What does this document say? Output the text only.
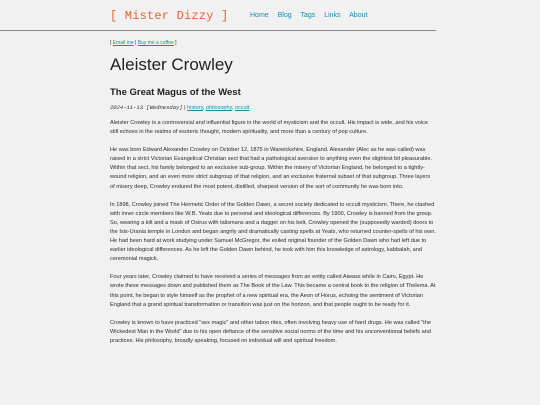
[ Mister Dizzy ]	Home Blog Tags Links About
[ Email me | Buy me a coffee ]
Aleister Crowley
The Great Magus of the West
2024-11-13 [Wednesday] | history, philosophy, occult

Aleister Crowley is a controversial and influential figure in the world of mysticism and the occult. His impact is wide, and his voice still echoes in the realms of esoteric thought, modern spirituality, and more than a century of pop culture.

He was born Edward Alexander Crowley on October 12, 1875 in Warwickshire, England. Alexander (Alec as he was called) was raised in a strict Victorian Evangelical Christian sect that had a pathological aversion to anything even the slightest bit pleasurable. Within that sect, his family belonged to an exclusive sub-group. Within the misery of Victorian England, he belonged to a tightly-wound religion, and an even more strict subgroup of that religion, and an exclusive fraternal subset of that subgroup. Three layers of misery deep, Crowley endured the most potent, distilled, sharpest version of the sort of community he was born into.

In 1898, Crowley joined The Hermetic Order of the Golden Dawn, a secret society dedicated to occult mysticism. There, he clashed with inner-circle members like W.B. Yeats due to personal and ideological differences. By 1900, Crowley is banned from the group. So, wearing a kilt and a mask of Osirus with talismans and a dagger on his belt, Crowley opened the (supposedly warded) doors to the Isis-Urania temple in London and began angrily and dramatically casting spells at Yeats, who returned counter-spells of his own. He had been hard at work studying under Samuel McGregor, the exiled original founder of the Golden Dawn who had left due to earlier ideological differences. As he left the Golden Dawn behind, he took with him this knowledge of astrology, kabbalah, and ceremonial magick.

Four years later, Crowley claimed to have received a series of messages from an entity called Aiwass while in Cairo, Egypt. He wrote these messages down and published them as The Book of the Law. This became a central book to the religion of Thelema. At this point, he began to style himself as the prophet of a new spiritual era, the Aeon of Horus, echoing the sentiment of Victorian England that a grand spiritual transformation or transition was just on the horizon, and that people ought to be ready for it.

Crowley is known to have practiced "sex magic" and other taboo rites, often involving heavy use of hard drugs. He was called "the Wickedest Man in the World" due to his open defiance of the sensitive social norms of the time and his unconventional beliefs and practices. His philosophy, broadly speaking, focused on individual will and spiritual freedom.
